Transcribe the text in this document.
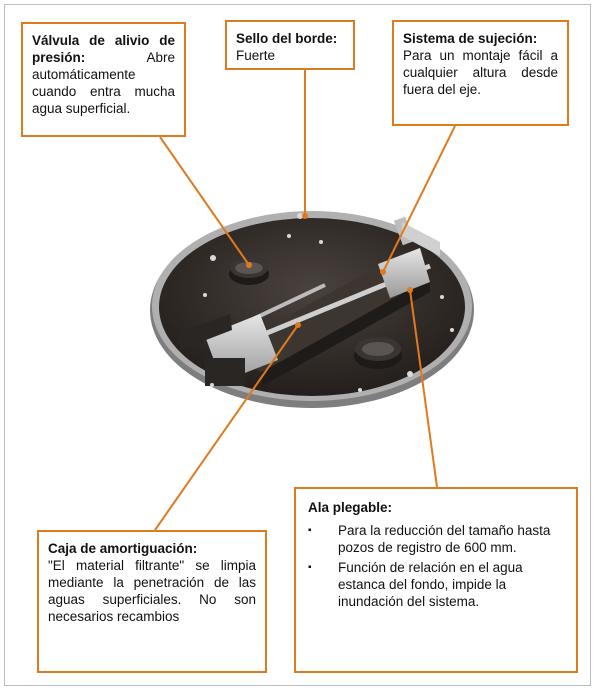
Válvula de alivio de presión:	Abre automáticamente cuando entra mucha agua superficial.
Sello del borde:
Fuerte
Sistema de sujeción:
Para un montaje fácil a cualquier altura desde fuera del eje.
Caja de amortiguación:
"El material filtrante" se limpia mediante la penetración de las aguas superficiales. No son necesarios recambios
Ala plegable:
▪ Para la reducción del tamaño hasta pozos de registro de 600 mm.
▪ Función de relación en el agua estanca del fondo, impide la inundación del sistema.
